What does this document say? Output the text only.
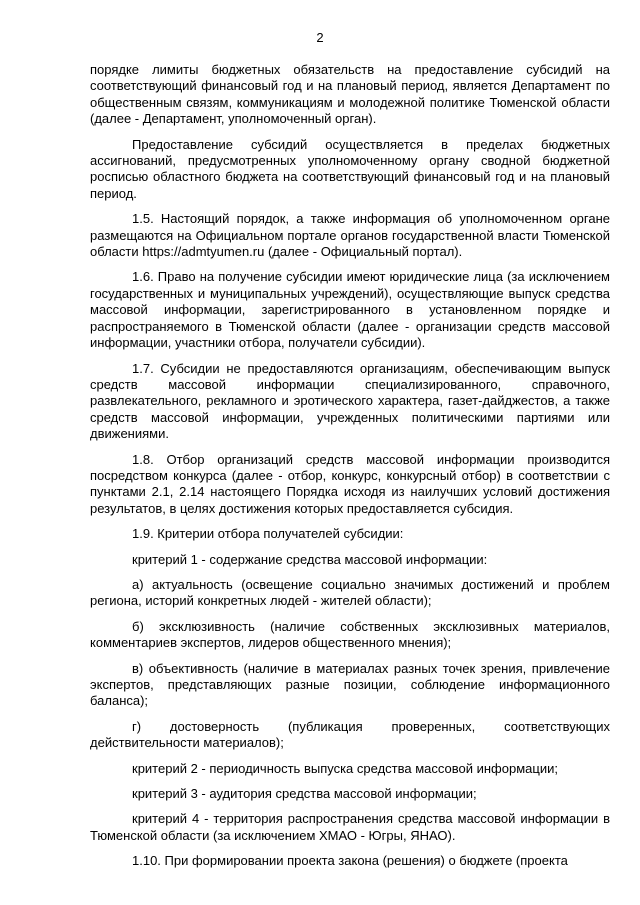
2

порядке лимиты бюджетных обязательств на предоставление субсидий на соответствующий финансовый год и на плановый период, является Департамент по общественным связям, коммуникациям и молодежной политике Тюменской области (далее - Департамент, уполномоченный орган).

Предоставление субсидий осуществляется в пределах бюджетных ассигнований, предусмотренных уполномоченному органу сводной бюджетной росписью областного бюджета на соответствующий финансовый год и на плановый период.

1.5. Настоящий порядок, а также информация об уполномоченном органе размещаются на Официальном портале органов государственной власти Тюменской области https://admtyumen.ru (далее - Официальный портал).

1.6. Право на получение субсидии имеют юридические лица (за исключением государственных и муниципальных учреждений), осуществляющие выпуск средства массовой информации, зарегистрированного в установленном порядке и распространяемого в Тюменской области (далее - организации средств массовой информации, участники отбора, получатели субсидии).

1.7. Субсидии не предоставляются организациям, обеспечивающим выпуск средств массовой информации специализированного, справочного, развлекательного, рекламного и эротического характера, газет-дайджестов, а также средств массовой информации, учрежденных политическими партиями или движениями.

1.8. Отбор организаций средств массовой информации производится посредством конкурса (далее - отбор, конкурс, конкурсный отбор) в соответствии с пунктами 2.1, 2.14 настоящего Порядка исходя из наилучших условий достижения результатов, в целях достижения которых предоставляется субсидия.

1.9. Критерии отбора получателей субсидии:

критерий 1 - содержание средства массовой информации:

а) актуальность (освещение социально значимых достижений и проблем региона, историй конкретных людей - жителей области);

б) эксклюзивность (наличие собственных эксклюзивных материалов, комментариев экспертов, лидеров общественного мнения);

в) объективность (наличие в материалах разных точек зрения, привлечение экспертов, представляющих разные позиции, соблюдение информационного баланса);

г) достоверность (публикация проверенных, соответствующих действительности материалов);

критерий 2 - периодичность выпуска средства массовой информации;

критерий 3 - аудитория средства массовой информации;

критерий 4 - территория распространения средства массовой информации в Тюменской области (за исключением ХМАО - Югры, ЯНАО).

1.10. При формировании проекта закона (решения) о бюджете (проекта
